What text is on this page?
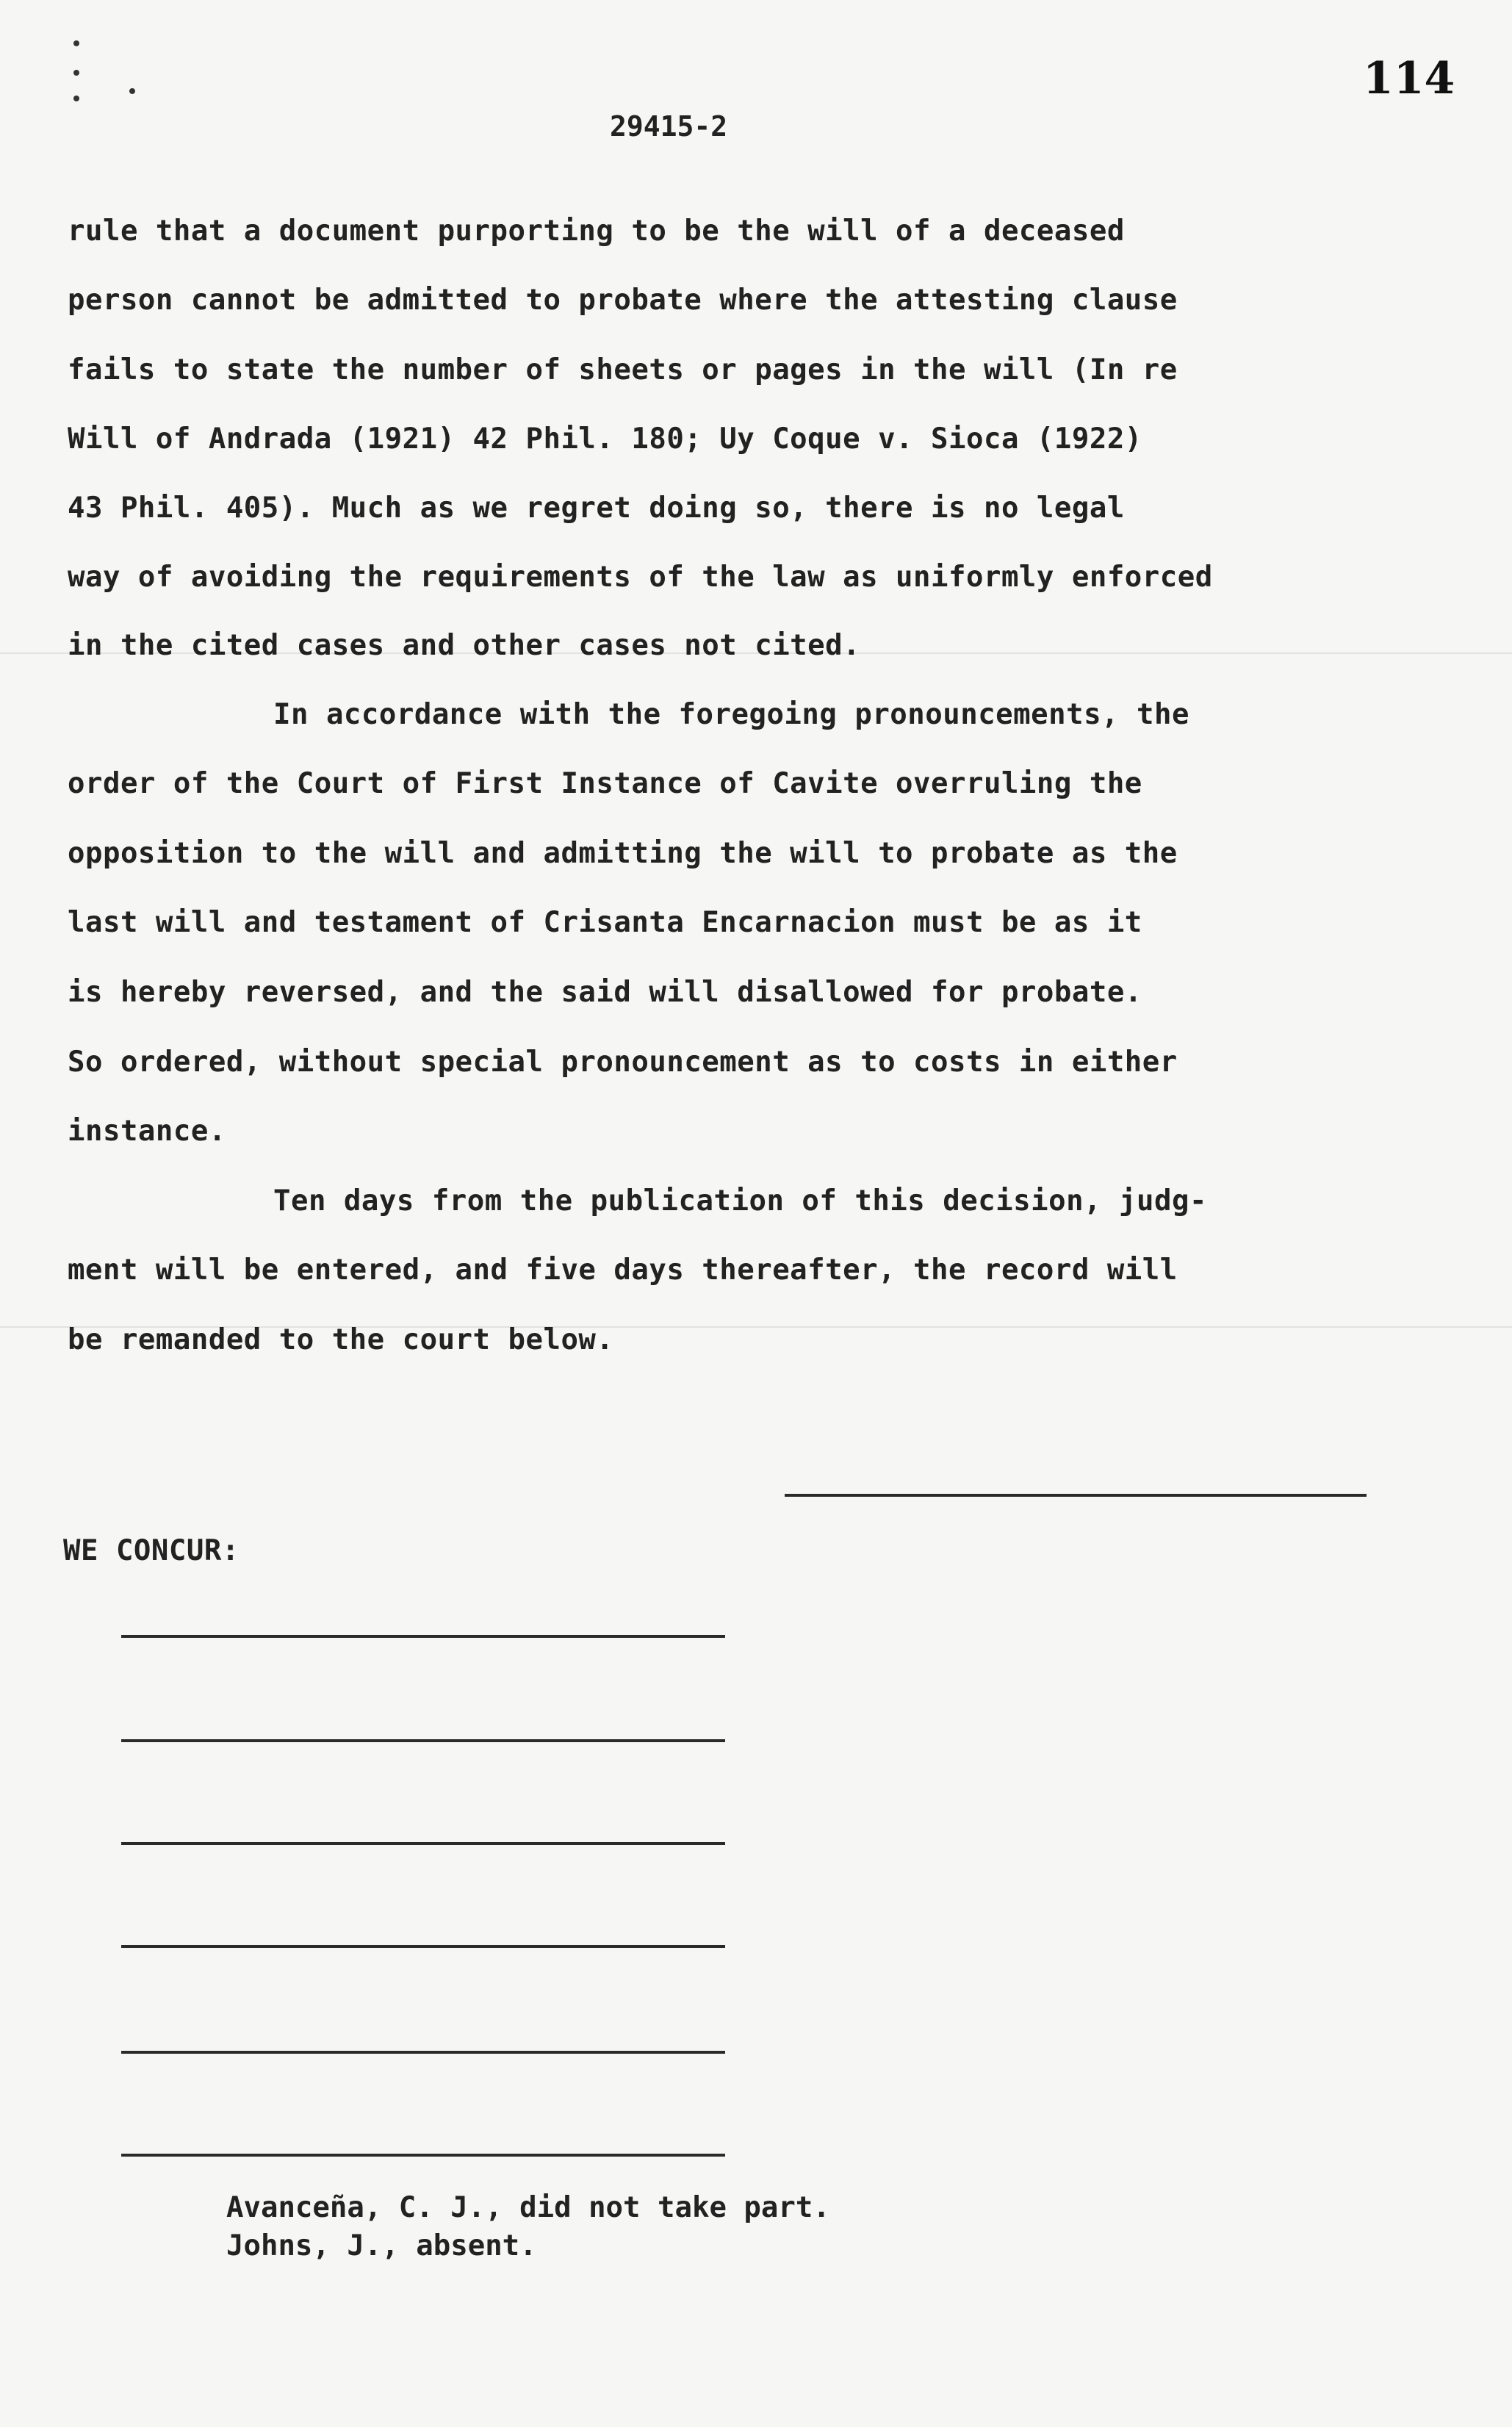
114
29415-2
rule that a document purporting to be the will of a deceased
person cannot be admitted to probate where the attesting clause
fails to state the number of sheets or pages in the will (In re
Will of Andrada (1921) 42 Phil. 180; Uy Coque v. Sioca (1922)
43 Phil. 405). Much as we regret doing so, there is no legal
way of avoiding the requirements of the law as uniformly enforced
in the cited cases and other cases not cited.
In accordance with the foregoing pronouncements, the
order of the Court of First Instance of Cavite overruling the
opposition to the will and admitting the will to probate as the
last will and testament of Crisanta Encarnacion must be as it
is hereby reversed, and the said will disallowed for probate.
So ordered, without special pronouncement as to costs in either
instance.
Ten days from the publication of this decision, judg-
ment will be entered, and five days thereafter, the record will
be remanded to the court below.
WE CONCUR:
Avanceña, C. J., did not take part.
Johns, J., absent.
